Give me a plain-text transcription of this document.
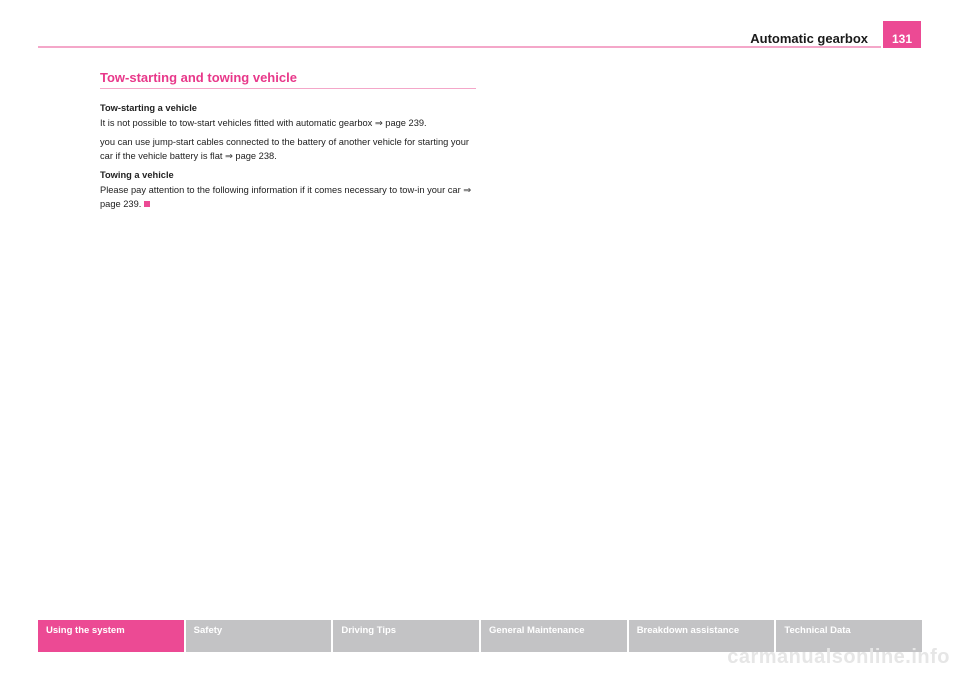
Automatic gearbox 131
Tow-starting and towing vehicle

Tow-starting a vehicle

It is not possible to tow-start vehicles fitted with automatic gearbox ⇒ page 239.

you can use jump-start cables connected to the battery of another vehicle for starting your car if the vehicle battery is flat ⇒ page 238.

Towing a vehicle

Please pay attention to the following information if it comes necessary to tow-in your car ⇒ page 239.

Using the system	Safety	Driving Tips	General Maintenance	Breakdown assistance	Technical Data
carmanualsonline.info
